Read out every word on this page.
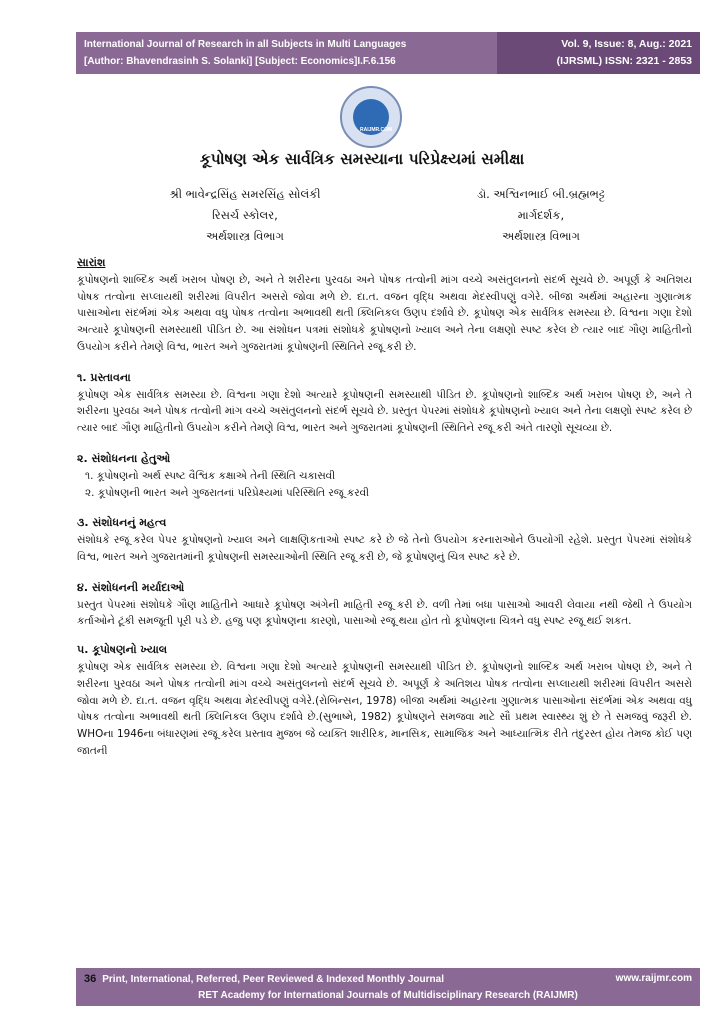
International Journal of Research in all Subjects in Multi Languages
[Author: Bhavendrasinh S. Solanki] [Subject: Economics]I.F.6.156
Vol. 9, Issue: 8, Aug.: 2021
(IJRSML) ISSN: 2321 - 2853
RAIJMR.COM
કૂપોષણ એક સાર્વત્રિક સમસ્યાના પરિપ્રેક્ષ્યમાં સમીક્ષા
શ્રી ભાવેન્દ્રસિંહ સમરસિંહ સોલંકી
રિસર્ચ સ્કોલર,
અર્થશાસ્ત્ર વિભાગ
ડૉ. અશ્વિનભાઈ બી.બ્રહ્મભટ્ટ
માર્ગદર્શક,
અર્થશાસ્ત્ર વિભાગ
સારાંશ

કૂપોષણનો શાબ્દિક અર્થ ખરાબ પોષણ છે, અને તે શરીરના પુરવઠા અને પોષક તત્વોની માંગ વચ્ચે અસંતુલનનો સંદર્ભ સૂચવે છે. અપૂર્ણ કે અતિશય પોષક તત્વોના સપ્લાયથી શરીરમાં વિપરીત અસરો જોવા મળે છે. દા.ત. વજન વૃદ્ધિ અથવા મેદસ્વીપણું વગેરે. બીજા અર્થમાં અહારના ગુણાત્મક પાસાઓના સંદર્ભમાં એક અથવા વધુ પોષક તત્વોના અભાવથી થતી ક્લિનિકલ ઉણપ દર્શાવે છે. કૂપોષણ એક સાર્વત્રિક સમસ્યા છે. વિશ્વના ગણા દેશો અત્યારે કૂપોષણની સમસ્યાથી પીડિત છે. આ સંશોધન પત્રમાં સંશોધકે કૂપોષણનો ખ્યાલ અને તેના લક્ષણો સ્પષ્ટ કરેલ છે ત્યાર બાદ ગૌણ માહિતીનો ઉપયોગ કરીને તેમણે વિશ્વ, ભારત અને ગુજરાતમાં કૂપોષણની સ્થિતિને રજૂ કરી છે.

૧. પ્રસ્તાવના

કૂપોષણ એક સાર્વત્રિક સમસ્યા છે. વિશ્વના ગણા દેશો અત્યારે કૂપોષણની સમસ્યાથી પીડિત છે. કૂપોષણનો શાબ્દિક અર્થ ખરાબ પોષણ છે, અને તે શરીરના પુરવઠા અને પોષક તત્વોની માંગ વચ્ચે અસંતુલનનો સંદર્ભ સૂચવે છે. પ્રસ્તુત પેપરમાં સંશોધકે કૂપોષણનો ખ્યાલ અને તેના લક્ષણો સ્પષ્ટ કરેલ છે ત્યાર બાદ ગૌણ માહિતીનો ઉપયોગ કરીને તેમણે વિશ્વ, ભારત અને ગુજરાતમાં કૂપોષણની સ્થિતિને રજૂ કરી અંતે તારણો સૂચવ્યા છે.

૨. સંશોધનના હેતુઓ
૧. કૂપોષણનો અર્થ સ્પષ્ટ વૈશ્વિક કક્ષાએ તેની સ્થિતિ ચકાસવી
૨. કૂપોષણની ભારત અને ગુજરાતનાં પરિપ્રેક્ષ્યમાં પરિસ્થિતિ રજૂ કરવી
૩. સંશોધનનું મહત્વ

સંશોધકે રજૂ કરેલ પેપર કૂપોષણનો ખ્યાલ અને લાક્ષણિકતાઓ સ્પષ્ટ કરે છે જે તેનો ઉપયોગ કરનારાઓને ઉપયોગી રહેશે. પ્રસ્તુત પેપરમાં સંશોધકે વિશ્વ, ભારત અને ગુજરાતમાંની કૂપોષણની સમસ્યાઓની સ્થિતિ રજૂ કરી છે, જે કૂપોષણનું ચિત્ર સ્પષ્ટ કરે છે.

૪. સંશોધનની મર્યાદાઓ

પ્રસ્તુત પેપરમાં સંશોધકે ગૌણ માહિતીને આધારે કૂપોષણ અંગેની માહિતી રજૂ કરી છે. વળી તેમાં બધા પાસાઓ આવરી લેવાયા નથી જેથી તે ઉપયોગ કર્તાઓને ટૂંકી સમજૂતી પૂરી પડે છે. હજુ પણ કૂપોષણના કારણો, પાસાઓ રજૂ થયા હોત તો કૂપોષણના ચિત્રને વધુ સ્પષ્ટ રજૂ થઈ શકત.

૫. કૂપોષણનો ખ્યાલ

કૂપોષણ એક સાર્વત્રિક સમસ્યા છે. વિશ્વના ગણા દેશો અત્યારે કૂપોષણની સમસ્યાથી પીડિત છે. કૂપોષણનો શાબ્દિક અર્થ ખરાબ પોષણ છે, અને તે શરીરના પુરવઠા અને પોષક તત્વોની માંગ વચ્ચે અસંતુલનનો સંદર્ભ સૂચવે છે. અપૂર્ણ કે અતિશય પોષક તત્વોના સપ્લાયથી શરીરમાં વિપરીત અસરો જોવા મળે છે. દા.ત. વજન વૃદ્ધિ અથવા મેદસ્વીપણું વગેરે.(રોબિન્સન, 1978) બીજા અર્થમાં અહારના ગુણાત્મક પાસાઓના સંદર્ભમાં એક અથવા વધુ પોષક તત્વોના અભાવથી થતી ક્લિનિકલ ઉણપ દર્શાવે છે.(સુભાષ્મે, 1982) કૂપોષણને સમજવા માટે સૌ પ્રથમ સ્વાસ્થ્ય શું છે તે સમજવું જરૂરી છે. WHOના 1946ના બંધારણમાં રજૂ કરેલ પ્રસ્તાવ મુજબ જે વ્યક્તિ શારીરિક, માનસિક, સામાજિક અને આધ્યાત્મિક રીતે તંદુરસ્ત હોય તેમજ કોઈ પણ જાતની

36 Print, International, Referred, Peer Reviewed & Indexed Monthly Journal	www.raijmr.com
RET Academy for International Journals of Multidisciplinary Research (RAIJMR)
